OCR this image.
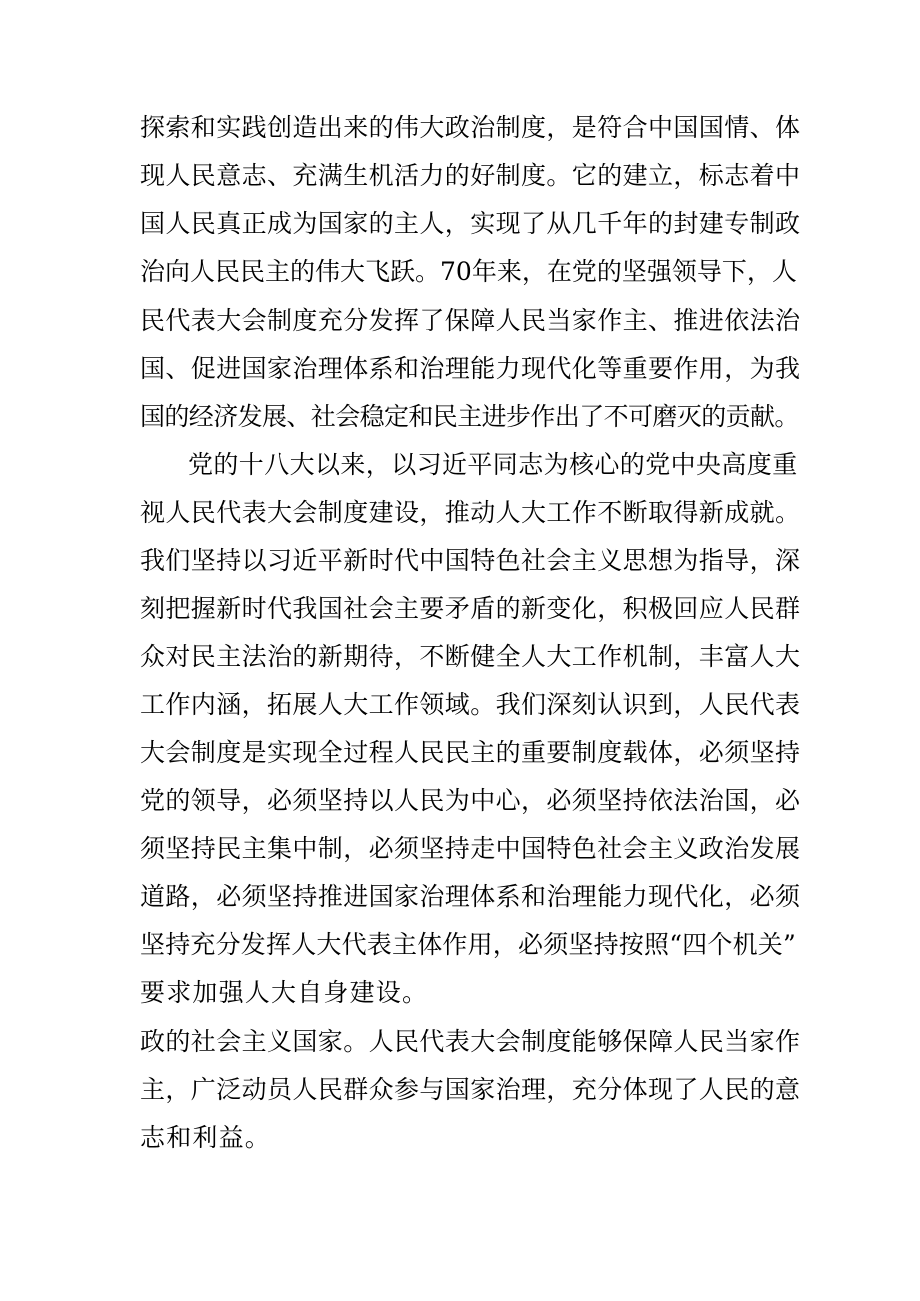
探索和实践创造出来的伟大政治制度，是符合中国国情、体
现人民意志、充满生机活力的好制度。它的建立，标志着中
国人民真正成为国家的主人，实现了从几千年的封建专制政
治向人民民主的伟大飞跃。70年来，在党的坚强领导下，人
民代表大会制度充分发挥了保障人民当家作主、推进依法治
国、促进国家治理体系和治理能力现代化等重要作用，为我
国的经济发展、社会稳定和民主进步作出了不可磨灭的贡献。
党的十八大以来，以习近平同志为核心的党中央高度重
视人民代表大会制度建设，推动人大工作不断取得新成就。
我们坚持以习近平新时代中国特色社会主义思想为指导，深
刻把握新时代我国社会主要矛盾的新变化，积极回应人民群
众对民主法治的新期待，不断健全人大工作机制，丰富人大
工作内涵，拓展人大工作领域。我们深刻认识到，人民代表
大会制度是实现全过程人民民主的重要制度载体，必须坚持
党的领导，必须坚持以人民为中心，必须坚持依法治国，必
须坚持民主集中制，必须坚持走中国特色社会主义政治发展
道路，必须坚持推进国家治理体系和治理能力现代化，必须
坚持充分发挥人大代表主体作用，必须坚持按照“四个机关”
要求加强人大自身建设。
政的社会主义国家。人民代表大会制度能够保障人民当家作
主，广泛动员人民群众参与国家治理，充分体现了人民的意
志和利益。
